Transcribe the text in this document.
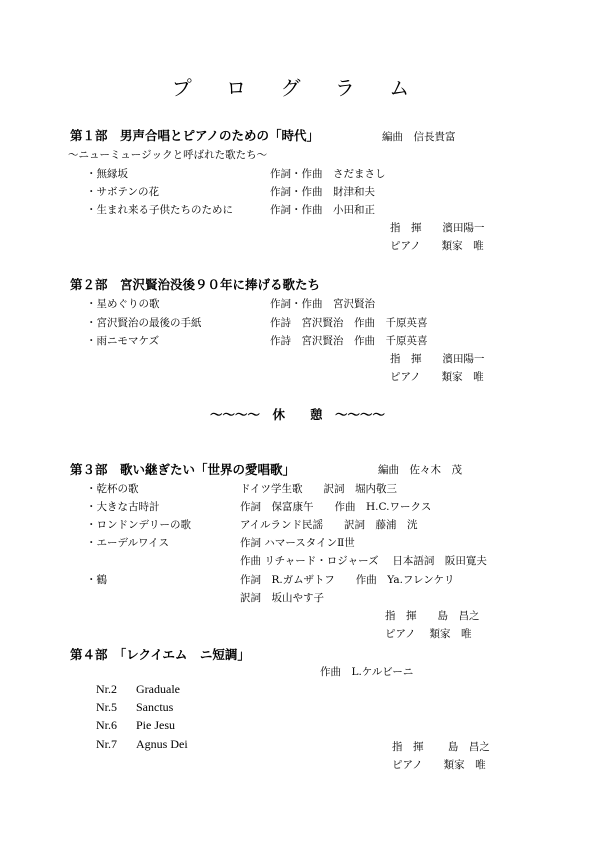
プ ロ グ ラ ム
第１部　男声合唱とピアノのための「時代」	編曲　信長貴富
～ニューミュージックと呼ばれた歌たち～
・無縁坂	作詞・作曲　さだまさし
・サボテンの花	作詞・作曲　財津和夫
・生まれ来る子供たちのために	作詞・作曲　小田和正
指　揮　　濱田陽一
ピアノ　　類家　唯
第２部　宮沢賢治没後９０年に捧げる歌たち
・星めぐりの歌	作詞・作曲　宮沢賢治
・宮沢賢治の最後の手紙	作詩　宮沢賢治　作曲　千原英喜
・雨ニモマケズ	作詩　宮沢賢治　作曲　千原英喜
指　揮　　濱田陽一
ピアノ　　類家　唯
～～～～　休　　憩　～～～～
第３部　歌い継ぎたい「世界の愛唱歌」	編曲　佐々木　茂
・乾杯の歌	ドイツ学生歌　　訳詞　堀内敬三
・大きな古時計	作詞　保富康午　　作曲　H.C.ワークス
・ロンドンデリーの歌	アイルランド民謡　　訳詞　藤浦　洸
・エーデルワイス	作詞 ハマースタインⅡ世
作曲 リチャード・ロジャーズ　 日本語詞　阪田寛夫
・鶴	作詞　R.ガムザトフ　　作曲　Ya.フレンケリ
訳詞　坂山やす子
指　揮　　島　昌之
ピアノ　 類家　唯
第４部　「レクイエム　ニ短調」
作曲　L.ケルビーニ
Nr.2 Graduale
Nr.5 Sanctus
Nr.6 Pie Jesu
Nr.7 Agnus Dei	指　揮　　 島　昌之
ピアノ　　類家　唯
